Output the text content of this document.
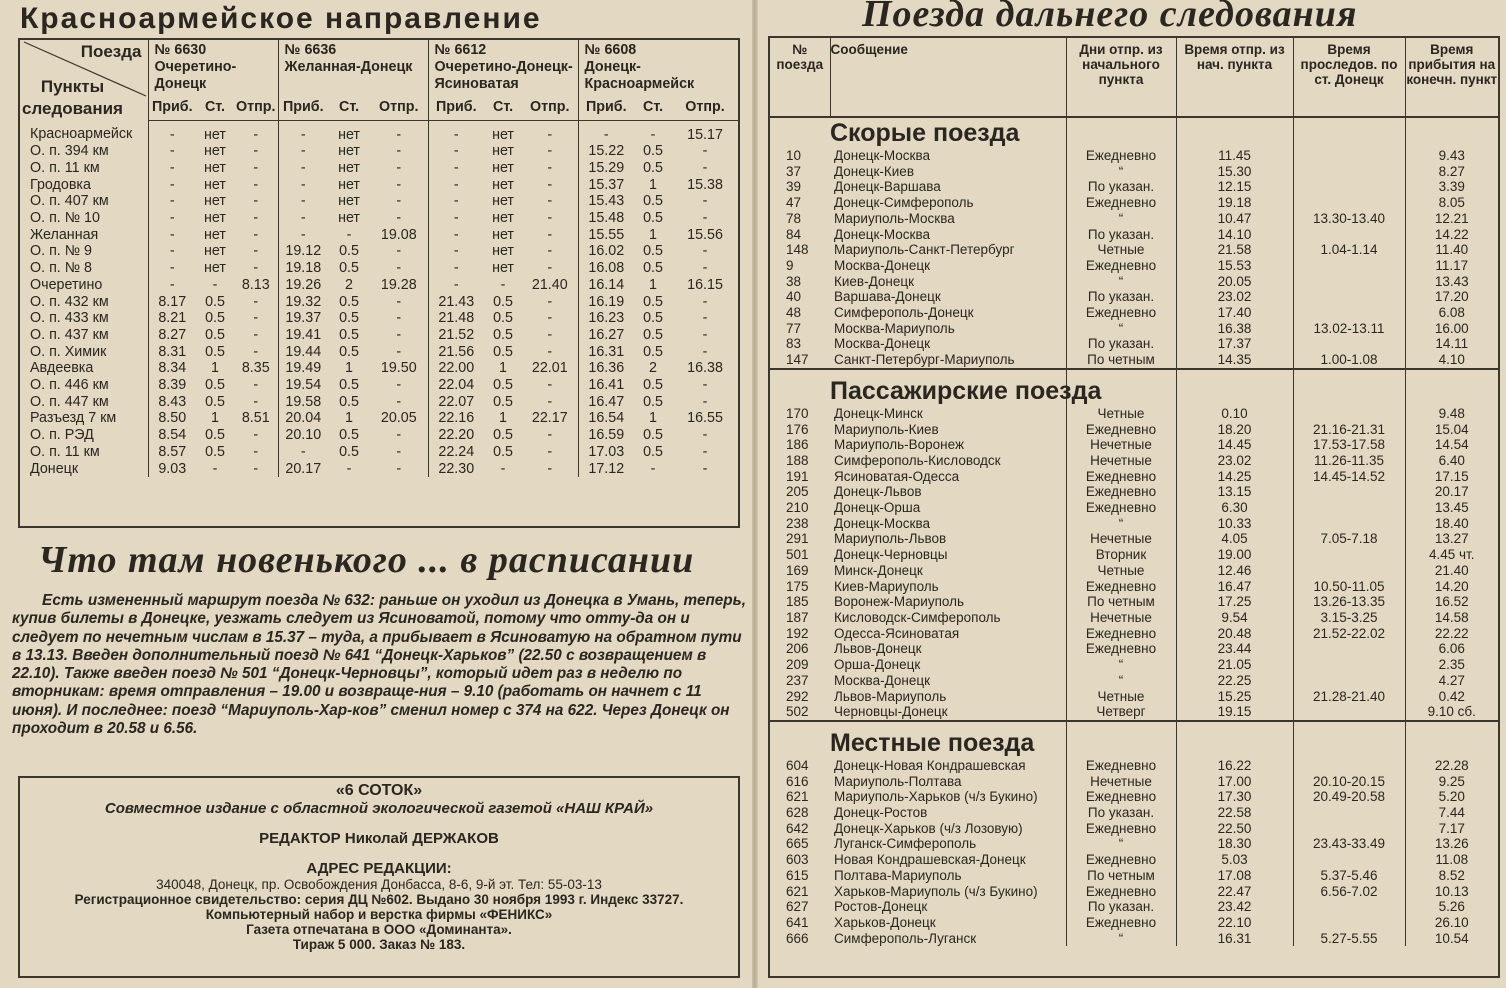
Красноармейское направление
Поезда
Пункты
следования	№ 6630
Очеретино-Донецк			№ 6636
Желанная-Донецк			№ 6612
Очеретино-Донецк-Ясиноватая			№ 6608
Донецк-Красноармейск		
	Приб.	Ст.	Отпр.	Приб.	Ст.	Отпр.	Приб.	Ст.	Отпр.	Приб.	Ст.	Отпр.
Красноармейск	-	нет	-	-	нет	-	-	нет	-	-	-	15.17
О. п. 394 км	-	нет	-	-	нет	-	-	нет	-	15.22	0.5	-
О. п. 11 км	-	нет	-	-	нет	-	-	нет	-	15.29	0.5	-
Гродовка	-	нет	-	-	нет	-	-	нет	-	15.37	1	15.38
О. п. 407 км	-	нет	-	-	нет	-	-	нет	-	15.43	0.5	-
О. п. № 10	-	нет	-	-	нет	-	-	нет	-	15.48	0.5	-
Желанная	-	нет	-	-	-	19.08	-	нет	-	15.55	1	15.56
О. п. № 9	-	нет	-	19.12	0.5	-	-	нет	-	16.02	0.5	-
О. п. № 8	-	нет	-	19.18	0.5	-	-	нет	-	16.08	0.5	-
Очеретино	-	-	8.13	19.26	2	19.28	-	-	21.40	16.14	1	16.15
О. п. 432 км	8.17	0.5	-	19.32	0.5	-	21.43	0.5	-	16.19	0.5	-
О. п. 433 км	8.21	0.5	-	19.37	0.5	-	21.48	0.5	-	16.23	0.5	-
О. п. 437 км	8.27	0.5	-	19.41	0.5	-	21.52	0.5	-	16.27	0.5	-
О. п. Химик	8.31	0.5	-	19.44	0.5	-	21.56	0.5	-	16.31	0.5	-
Авдеевка	8.34	1	8.35	19.49	1	19.50	22.00	1	22.01	16.36	2	16.38
О. п. 446 км	8.39	0.5	-	19.54	0.5	-	22.04	0.5	-	16.41	0.5	-
О. п. 447 км	8.43	0.5	-	19.58	0.5	-	22.07	0.5	-	16.47	0.5	-
Разъезд 7 км	8.50	1	8.51	20.04	1	20.05	22.16	1	22.17	16.54	1	16.55
О. п. РЭД	8.54	0.5	-	20.10	0.5	-	22.20	0.5	-	16.59	0.5	-
О. п. 11 км	8.57	0.5	-	-	0.5	-	22.24	0.5	-	17.03	0.5	-
Донецк	9.03	-	-	20.17	-	-	22.30	-	-	17.12	-	-
Что там новенького ... в расписании

Есть измененный маршрут поезда № 632: раньше он уходил из Донецка в Умань, теперь, купив билеты в Донецке, уезжать следует из Ясиноватой, потому что отту-да он и следует по нечетным числам в 15.37 – туда, а прибывает в Ясиноватую на обратном пути в 13.13. Введен дополнительный поезд № 641 “Донецк-Харьков” (22.50 с возвращением в 22.10). Также введен поезд № 501 “Донецк-Черновцы”, который идет раз в неделю по вторникам: время отправления – 19.00 и возвраще-ния – 9.10 (работать он начнет с 11 июня). И последнее: поезд “Мариуполь-Хар-ков” сменил номер с 374 на 622. Через Донецк он проходит в 20.58 и 6.56.

«6 СОТОК»
Совместное издание с областной экологической газетой «НАШ КРАЙ»
РЕДАКТОР Николай ДЕРЖАКОВ
АДРЕС РЕДАКЦИИ:
340048, Донецк, пр. Освобождения Донбасса, 8-6, 9-й эт. Тел: 55-03-13
Регистрационное свидетельство: серия ДЦ №602. Выдано 30 ноября 1993 г. Индекс 33727.
Компьютерный набор и верстка фирмы «ФЕНИКС»
Газета отпечатана в ООО «Доминанта».
Тираж 5 000. Заказ № 183.
Поезда дальнего следования
№ поезда	Сообщение	Дни отпр. из начального пункта	Время отпр. из нач. пункта	Время проследов. по ст. Донецк	Время прибытия на конечн. пункт
	Скорые поезда				
10	Донецк-Москва	Ежедневно	11.45		9.43
37	Донецк-Киев	“	15.30		8.27
39	Донецк-Варшава	По указан.	12.15		3.39
47	Донецк-Симферополь	Ежедневно	19.18		8.05
78	Мариуполь-Москва	“	10.47	13.30-13.40	12.21
84	Донецк-Москва	По указан.	14.10		14.22
148	Мариуполь-Санкт-Петербург	Четные	21.58	1.04-1.14	11.40
9	Москва-Донецк	Ежедневно	15.53		11.17
38	Киев-Донецк	“	20.05		13.43
40	Варшава-Донецк	По указан.	23.02		17.20
48	Симферополь-Донецк	Ежедневно	17.40		6.08
77	Москва-Мариуполь	“	16.38	13.02-13.11	16.00
83	Москва-Донецк	По указан.	17.37		14.11
147	Санкт-Петербург-Мариуполь	По четным	14.35	1.00-1.08	4.10

	Пассажирские поезда				
170	Донецк-Минск	Четные	0.10		9.48
176	Мариуполь-Киев	Ежедневно	18.20	21.16-21.31	15.04
186	Мариуполь-Воронеж	Нечетные	14.45	17.53-17.58	14.54
188	Симферополь-Кисловодск	Нечетные	23.02	11.26-11.35	6.40
191	Ясиноватая-Одесса	Ежедневно	14.25	14.45-14.52	17.15
205	Донецк-Львов	Ежедневно	13.15		20.17
210	Донецк-Орша	Ежедневно	6.30		13.45
238	Донецк-Москва	“	10.33		18.40
291	Мариуполь-Львов	Нечетные	4.05	7.05-7.18	13.27
501	Донецк-Черновцы	Вторник	19.00		4.45 чт.
169	Минск-Донецк	Четные	12.46		21.40
175	Киев-Мариуполь	Ежедневно	16.47	10.50-11.05	14.20
185	Воронеж-Мариуполь	По четным	17.25	13.26-13.35	16.52
187	Кисловодск-Симферополь	Нечетные	9.54	3.15-3.25	14.58
192	Одесса-Ясиноватая	Ежедневно	20.48	21.52-22.02	22.22
206	Львов-Донецк	Ежедневно	23.44		6.06
209	Орша-Донецк	“	21.05		2.35
237	Москва-Донецк	“	22.25		4.27
292	Львов-Мариуполь	Четные	15.25	21.28-21.40	0.42
502	Черновцы-Донецк	Четверг	19.15		9.10 сб.

	Местные поезда				
604	Донецк-Новая Кондрашевская	Ежедневно	16.22		22.28
616	Мариуполь-Полтава	Нечетные	17.00	20.10-20.15	9.25
621	Мариуполь-Харьков (ч/з Букино)	Ежедневно	17.30	20.49-20.58	5.20
628	Донецк-Ростов	По указан.	22.58		7.44
642	Донецк-Харьков (ч/з Лозовую)	Ежедневно	22.50		7.17
665	Луганск-Симферополь	“	18.30	23.43-33.49	13.26
603	Новая Кондрашевская-Донецк	Ежедневно	5.03		11.08
615	Полтава-Мариуполь	По четным	17.08	5.37-5.46	8.52
621	Харьков-Мариуполь (ч/з Букино)	Ежедневно	22.47	6.56-7.02	10.13
627	Ростов-Донецк	По указан.	23.42		5.26
641	Харьков-Донецк	Ежедневно	22.10		26.10
666	Симферополь-Луганск	“	16.31	5.27-5.55	10.54
